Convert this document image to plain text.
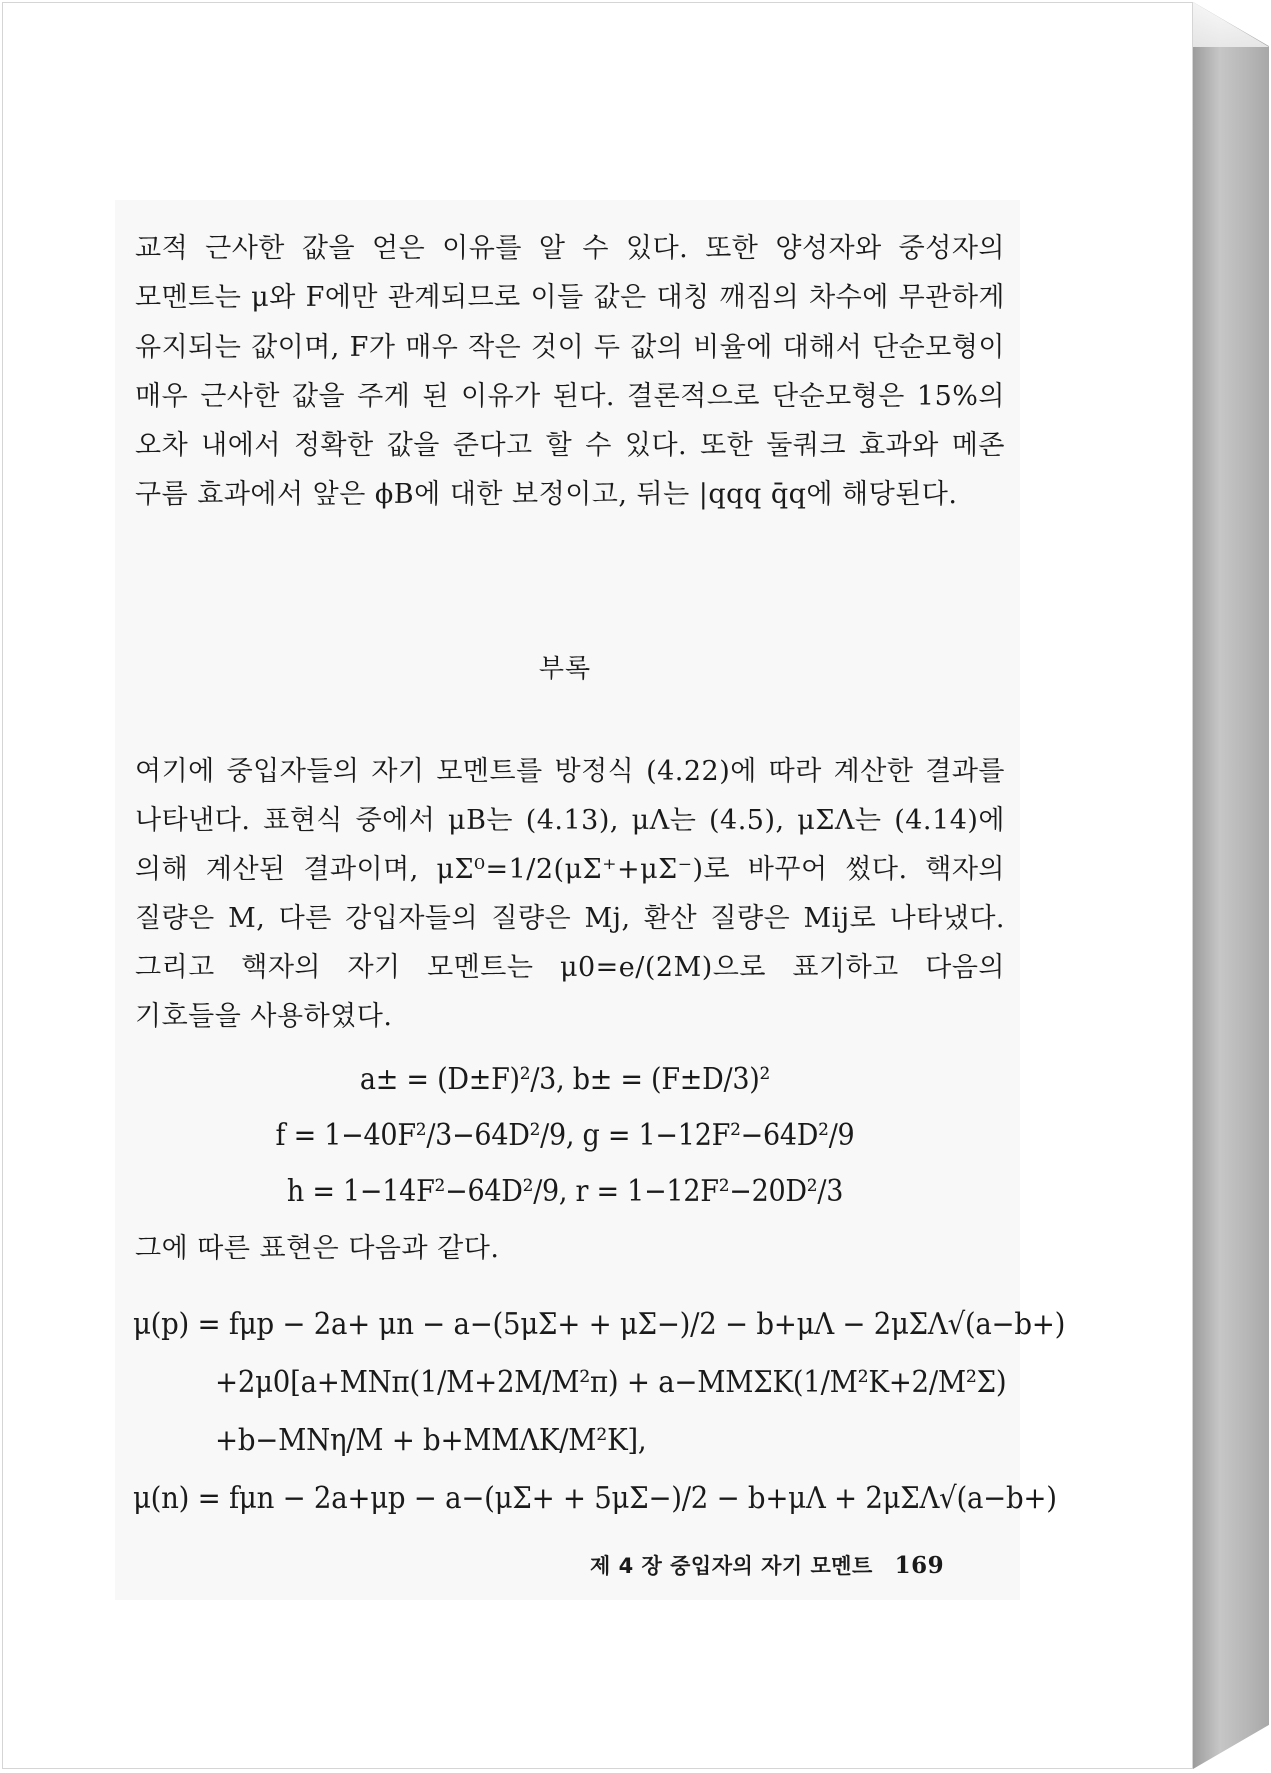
교적 근사한 값을 얻은 이유를 알 수 있다. 또한 양성자와 중성자의 모멘트는 μ와 F에만 관계되므로 이들 값은 대칭 깨짐의 차수에 무관하게 유지되는 값이며, F가 매우 작은 것이 두 값의 비율에 대해서 단순모형이 매우 근사한 값을 주게 된 이유가 된다. 결론적으로 단순모형은 15%의 오차 내에서 정확한 값을 준다고 할 수 있다. 또한 둘쿼크 효과와 메존 구름 효과에서 앞은 ϕB에 대한 보정이고, 뒤는 |qqq q̄q에 해당된다.
부록
여기에 중입자들의 자기 모멘트를 방정식 (4.22)에 따라 계산한 결과를 나타낸다. 표현식 중에서 μB는 (4.13), μΛ는 (4.5), μΣΛ는 (4.14)에 의해 계산된 결과이며, μΣ⁰=1/2(μΣ⁺+μΣ⁻)로 바꾸어 썼다. 핵자의 질량은 M, 다른 강입자들의 질량은 Mj, 환산 질량은 Mij로 나타냈다. 그리고 핵자의 자기 모멘트는 μ0=e/(2M)으로 표기하고 다음의 기호들을 사용하였다.
a± = (D±F)²/3, b± = (F±D/3)²
f = 1−40F²/3−64D²/9, g = 1−12F²−64D²/9
h = 1−14F²−64D²/9, r = 1−12F²−20D²/3
그에 따른 표현은 다음과 같다.
μ(p) = fμp − 2a+ μn − a−(5μΣ+ + μΣ−)/2 − b+μΛ − 2μΣΛ√(a−b+)
+2μ0[a+MNπ(1/M+2M/M²π) + a−MMΣK(1/M²K+2/M²Σ)
+b−MNη/M + b+MMΛK/M²K],
μ(n) = fμn − 2a+μp − a−(μΣ+ + 5μΣ−)/2 − b+μΛ + 2μΣΛ√(a−b+)
제 4 장 중입자의 자기 모멘트 169
